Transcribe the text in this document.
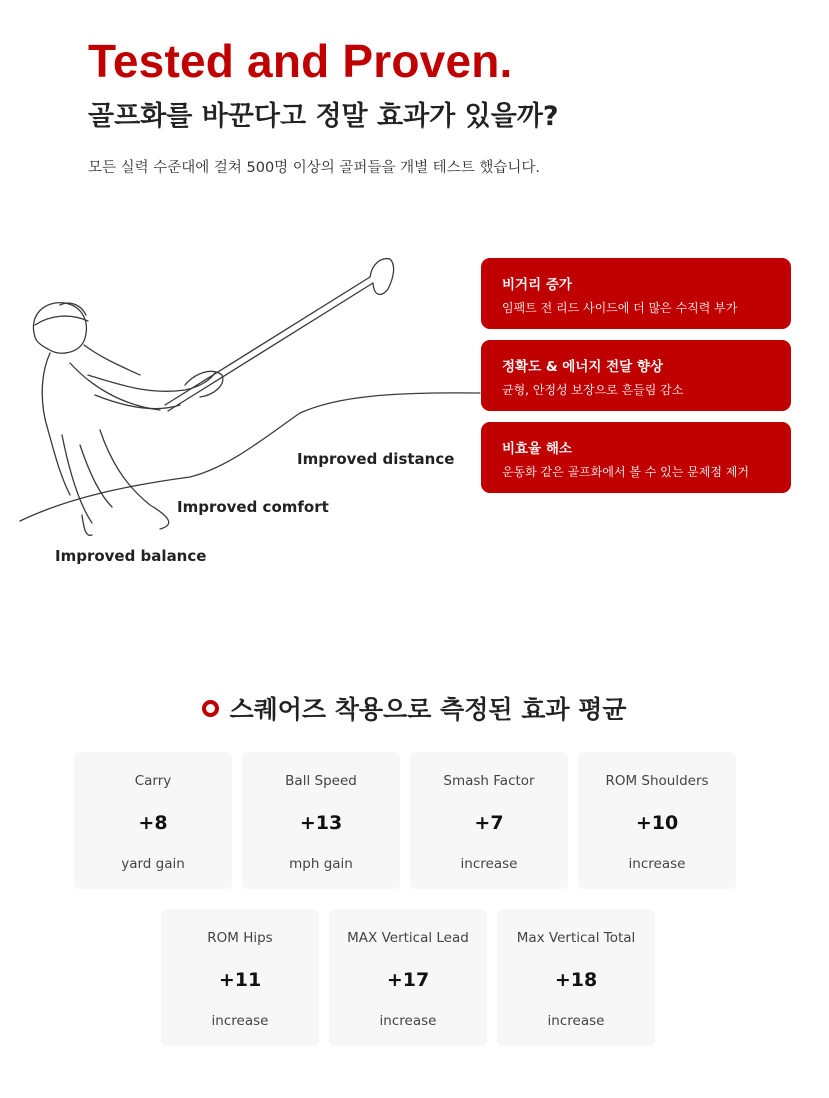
Tested and Proven.
골프화를 바꾼다고 정말 효과가 있을까?
모든 실력 수준대에 걸쳐 500명 이상의 골퍼들을 개별 테스트 했습니다.
Improved distance
Improved comfort
Improved balance
비거리 증가
임팩트 전 리드 사이드에 더 많은 수직력 부가
정확도 & 에너지 전달 향상
균형, 안정성 보장으로 흔들림 감소
비효율 해소
운동화 같은 골프화에서 볼 수 있는 문제점 제거
스퀘어즈 착용으로 측정된 효과 평균
Carry
+8
yard gain
Ball Speed
+13
mph gain
Smash Factor
+7
increase
ROM Shoulders
+10
increase
ROM Hips
+11
increase
MAX Vertical Lead
+17
increase
Max Vertical Total
+18
increase
